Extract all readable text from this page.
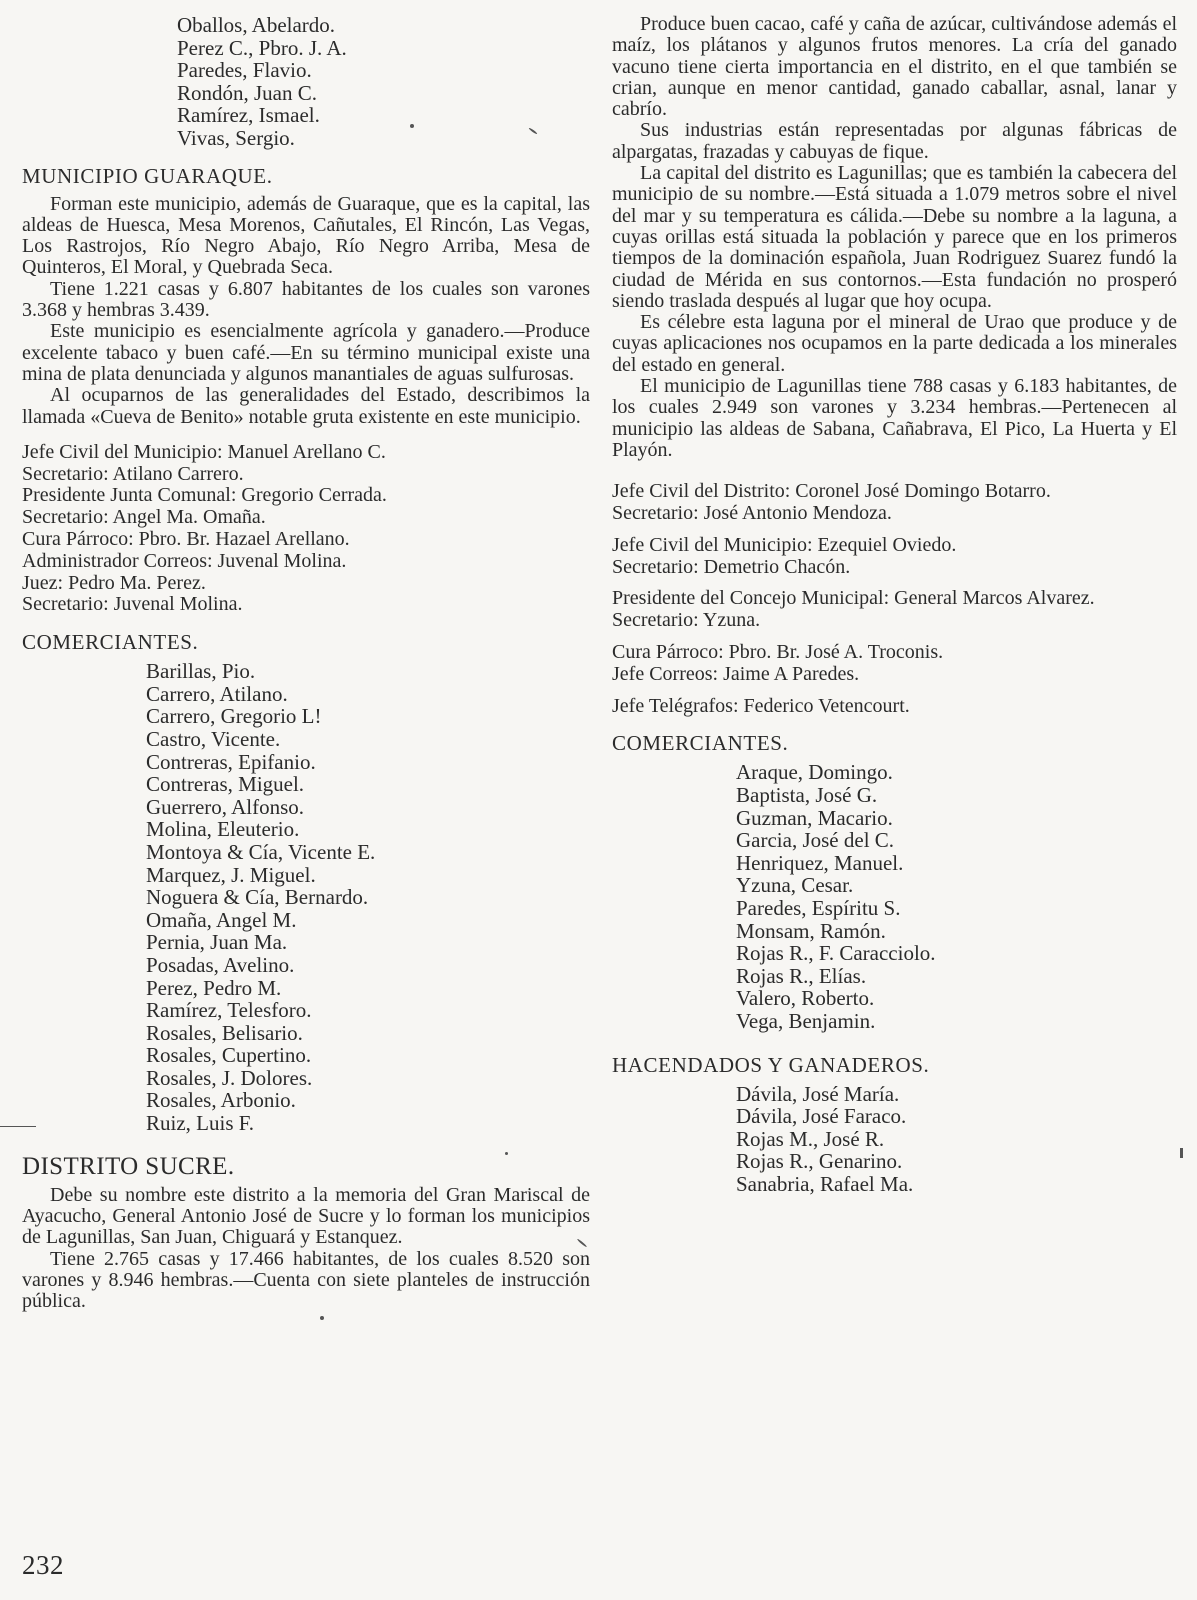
Oballos, Abelardo.
Perez C., Pbro. J. A.
Paredes, Flavio.
Rondón, Juan C.
Ramírez, Ismael.
Vivas, Sergio.
MUNICIPIO GUARAQUE.

Forman este municipio, además de Guaraque, que es la capital, las aldeas de Huesca, Mesa Morenos, Cañutales, El Rincón, Las Vegas, Los Rastrojos, Río Negro Abajo, Río Negro Arriba, Mesa de Quinteros, El Moral, y Quebrada Seca.

Tiene 1.221 casas y 6.807 habitantes de los cuales son varones 3.368 y hembras 3.439.

Este municipio es esencialmente agrícola y ganadero.—Produce excelente tabaco y buen café.—En su término municipal existe una mina de plata denunciada y algunos manantiales de aguas sulfurosas.

Al ocuparnos de las generalidades del Estado, describimos la llamada «Cueva de Benito» notable gruta existente en este municipio.

Jefe Civil del Municipio: Manuel Arellano C.
Secretario: Atilano Carrero.
Presidente Junta Comunal: Gregorio Cerrada.
Secretario: Angel Ma. Omaña.
Cura Párroco: Pbro. Br. Hazael Arellano.
Administrador Correos: Juvenal Molina.
Juez: Pedro Ma. Perez.
Secretario: Juvenal Molina.
COMERCIANTES.
Barillas, Pio.
Carrero, Atilano.
Carrero, Gregorio L!
Castro, Vicente.
Contreras, Epifanio.
Contreras, Miguel.
Guerrero, Alfonso.
Molina, Eleuterio.
Montoya & Cía, Vicente E.
Marquez, J. Miguel.
Noguera & Cía, Bernardo.
Omaña, Angel M.
Pernia, Juan Ma.
Posadas, Avelino.
Perez, Pedro M.
Ramírez, Telesforo.
Rosales, Belisario.
Rosales, Cupertino.
Rosales, J. Dolores.
Rosales, Arbonio.
Ruiz, Luis F.
DISTRITO SUCRE.

Debe su nombre este distrito a la memoria del Gran Mariscal de Ayacucho, General Antonio José de Sucre y lo forman los municipios de Lagunillas, San Juan, Chiguará y Estanquez.

Tiene 2.765 casas y 17.466 habitantes, de los cuales 8.520 son varones y 8.946 hembras.—Cuenta con siete planteles de instrucción pública.

Produce buen cacao, café y caña de azúcar, cultivándose además el maíz, los plátanos y algunos frutos menores. La cría del ganado vacuno tiene cierta importancia en el distrito, en el que también se crian, aunque en menor cantidad, ganado caballar, asnal, lanar y cabrío.

Sus industrias están representadas por algunas fábricas de alpargatas, frazadas y cabuyas de fique.

La capital del distrito es Lagunillas; que es también la cabecera del municipio de su nombre.—Está situada a 1.079 metros sobre el nivel del mar y su temperatura es cálida.—Debe su nombre a la laguna, a cuyas orillas está situada la población y parece que en los primeros tiempos de la dominación española, Juan Rodriguez Suarez fundó la ciudad de Mérida en sus contornos.—Esta fundación no prosperó siendo traslada después al lugar que hoy ocupa.

Es célebre esta laguna por el mineral de Urao que produce y de cuyas aplicaciones nos ocupamos en la parte dedicada a los minerales del estado en general.

El municipio de Lagunillas tiene 788 casas y 6.183 habitantes, de los cuales 2.949 son varones y 3.234 hembras.—Pertenecen al municipio las aldeas de Sabana, Cañabrava, El Pico, La Huerta y El Playón.

Jefe Civil del Distrito: Coronel José Domingo Botarro.
Secretario: José Antonio Mendoza.
Jefe Civil del Municipio: Ezequiel Oviedo.
Secretario: Demetrio Chacón.
Presidente del Concejo Municipal: General Marcos Alvarez.
Secretario: Yzuna.
Cura Párroco: Pbro. Br. José A. Troconis.
Jefe Correos: Jaime A Paredes.
Jefe Telégrafos: Federico Vetencourt.
COMERCIANTES.
Araque, Domingo.
Baptista, José G.
Guzman, Macario.
Garcia, José del C.
Henriquez, Manuel.
Yzuna, Cesar.
Paredes, Espíritu S.
Monsam, Ramón.
Rojas R., F. Caracciolo.
Rojas R., Elías.
Valero, Roberto.
Vega, Benjamin.
HACENDADOS Y GANADEROS.
Dávila, José María.
Dávila, José Faraco.
Rojas M., José R.
Rojas R., Genarino.
Sanabria, Rafael Ma.
232
